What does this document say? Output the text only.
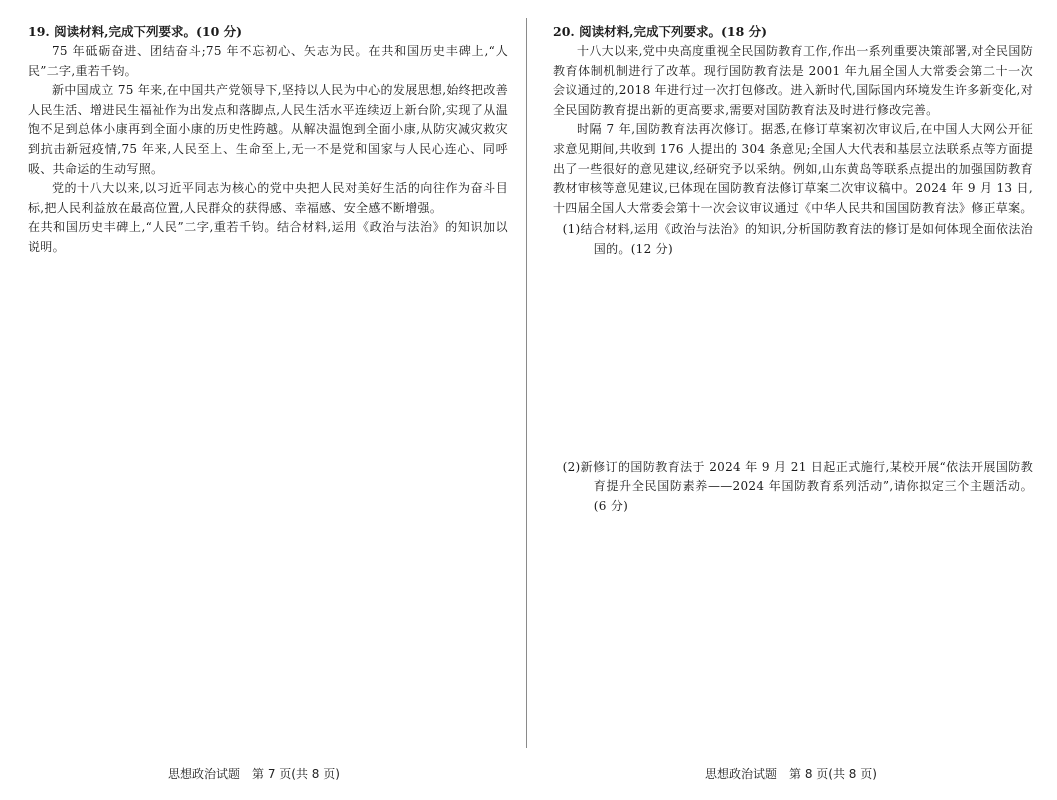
19. 阅读材料,完成下列要求。(10 分)

75 年砥砺奋进、团结奋斗;75 年不忘初心、矢志为民。在共和国历史丰碑上,“人民”二字,重若千钧。

新中国成立 75 年来,在中国共产党领导下,坚持以人民为中心的发展思想,始终把改善人民生活、增进民生福祉作为出发点和落脚点,人民生活水平连续迈上新台阶,实现了从温饱不足到总体小康再到全面小康的历史性跨越。从解决温饱到全面小康,从防灾减灾救灾到抗击新冠疫情,75 年来,人民至上、生命至上,无一不是党和国家与人民心连心、同呼吸、共命运的生动写照。

党的十八大以来,以习近平同志为核心的党中央把人民对美好生活的向往作为奋斗目标,把人民利益放在最高位置,人民群众的获得感、幸福感、安全感不断增强。

在共和国历史丰碑上,“人民”二字,重若千钧。结合材料,运用《政治与法治》的知识加以说明。

20. 阅读材料,完成下列要求。(18 分)

十八大以来,党中央高度重视全民国防教育工作,作出一系列重要决策部署,对全民国防教育体制机制进行了改革。现行国防教育法是 2001 年九届全国人大常委会第二十一次会议通过的,2018 年进行过一次打包修改。进入新时代,国际国内环境发生许多新变化,对全民国防教育提出新的更高要求,需要对国防教育法及时进行修改完善。

时隔 7 年,国防教育法再次修订。据悉,在修订草案初次审议后,在中国人大网公开征求意见期间,共收到 176 人提出的 304 条意见;全国人大代表和基层立法联系点等方面提出了一些很好的意见建议,经研究予以采纳。例如,山东黄岛等联系点提出的加强国防教育教材审核等意见建议,已体现在国防教育法修订草案二次审议稿中。2024 年 9 月 13 日,十四届全国人大常委会第十一次会议审议通过《中华人民共和国国防教育法》修正草案。

(1)结合材料,运用《政治与法治》的知识,分析国防教育法的修订是如何体现全面依法治国的。(12 分)

(2)新修订的国防教育法于 2024 年 9 月 21 日起正式施行,某校开展“依法开展国防教育提升全民国防素养——2024 年国防教育系列活动”,请你拟定三个主题活动。(6 分)

思想政治试题　第 7 页(共 8 页)	思想政治试题　第 8 页(共 8 页)
